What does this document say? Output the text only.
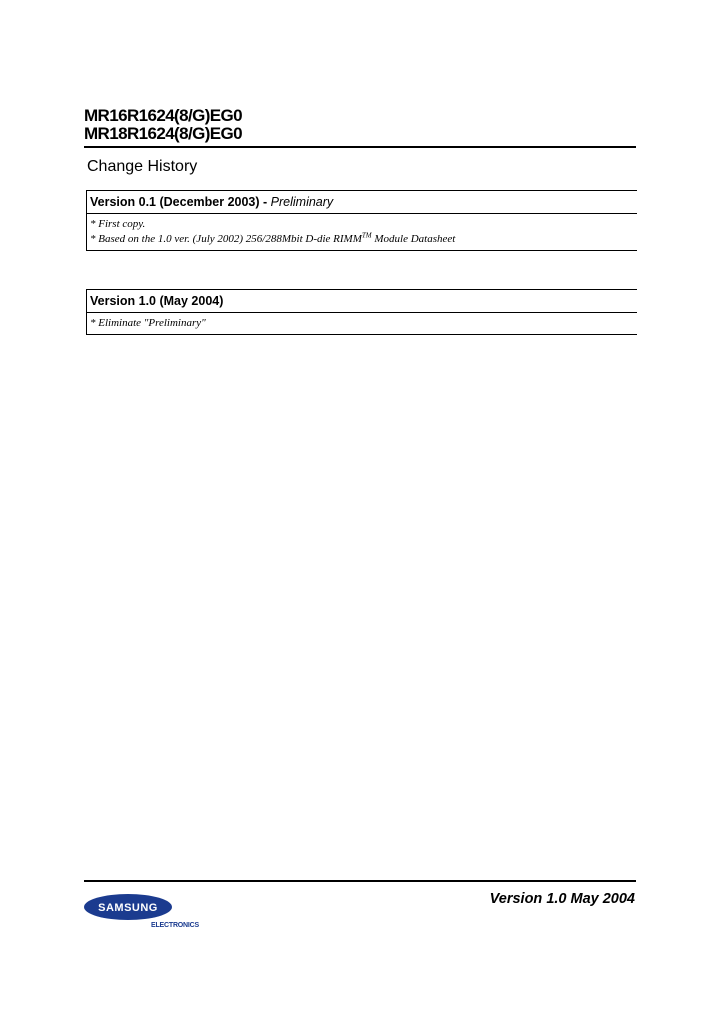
MR16R1624(8/G)EG0
MR18R1624(8/G)EG0
Change History
Version 0.1 (December 2003) - Preliminary
* First copy.
* Based on the 1.0 ver. (July 2002) 256/288Mbit D-die RIMM™ Module Datasheet
Version 1.0 (May 2004)
* Eliminate "Preliminary"
SAMSUNG
ELECTRONICS
Version 1.0 May 2004
